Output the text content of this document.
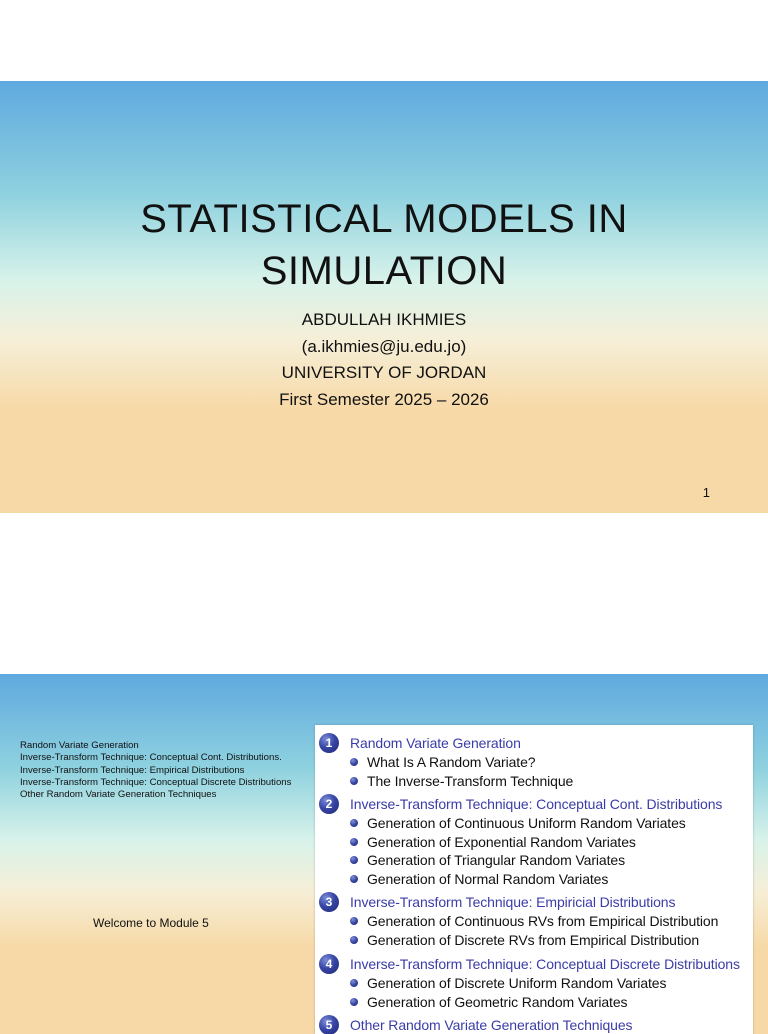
STATISTICAL MODELS IN
SIMULATION
ABDULLAH IKHMIES
(a.ikhmies@ju.edu.jo)
UNIVERSITY OF JORDAN
First Semester 2025 – 2026
1
Random Variate Generation
Inverse-Transform Technique: Conceptual Cont. Distributions.
Inverse-Transform Technique: Empirical Distributions
Inverse-Transform Technique: Conceptual Discrete Distributions
Other Random Variate Generation Techniques
Welcome to Module 5
1	Random Variate Generation
What Is A Random Variate?
The Inverse-Transform Technique
2	Inverse-Transform Technique: Conceptual Cont. Distributions
Generation of Continuous Uniform Random Variates
Generation of Exponential Random Variates
Generation of Triangular Random Variates
Generation of Normal Random Variates
3	Inverse-Transform Technique: Empiricial Distributions
Generation of Continuous RVs from Empirical Distribution
Generation of Discrete RVs from Empirical Distribution
4	Inverse-Transform Technique: Conceptual Discrete Distributions
Generation of Discrete Uniform Random Variates
Generation of Geometric Random Variates
5	Other Random Variate Generation Techniques
